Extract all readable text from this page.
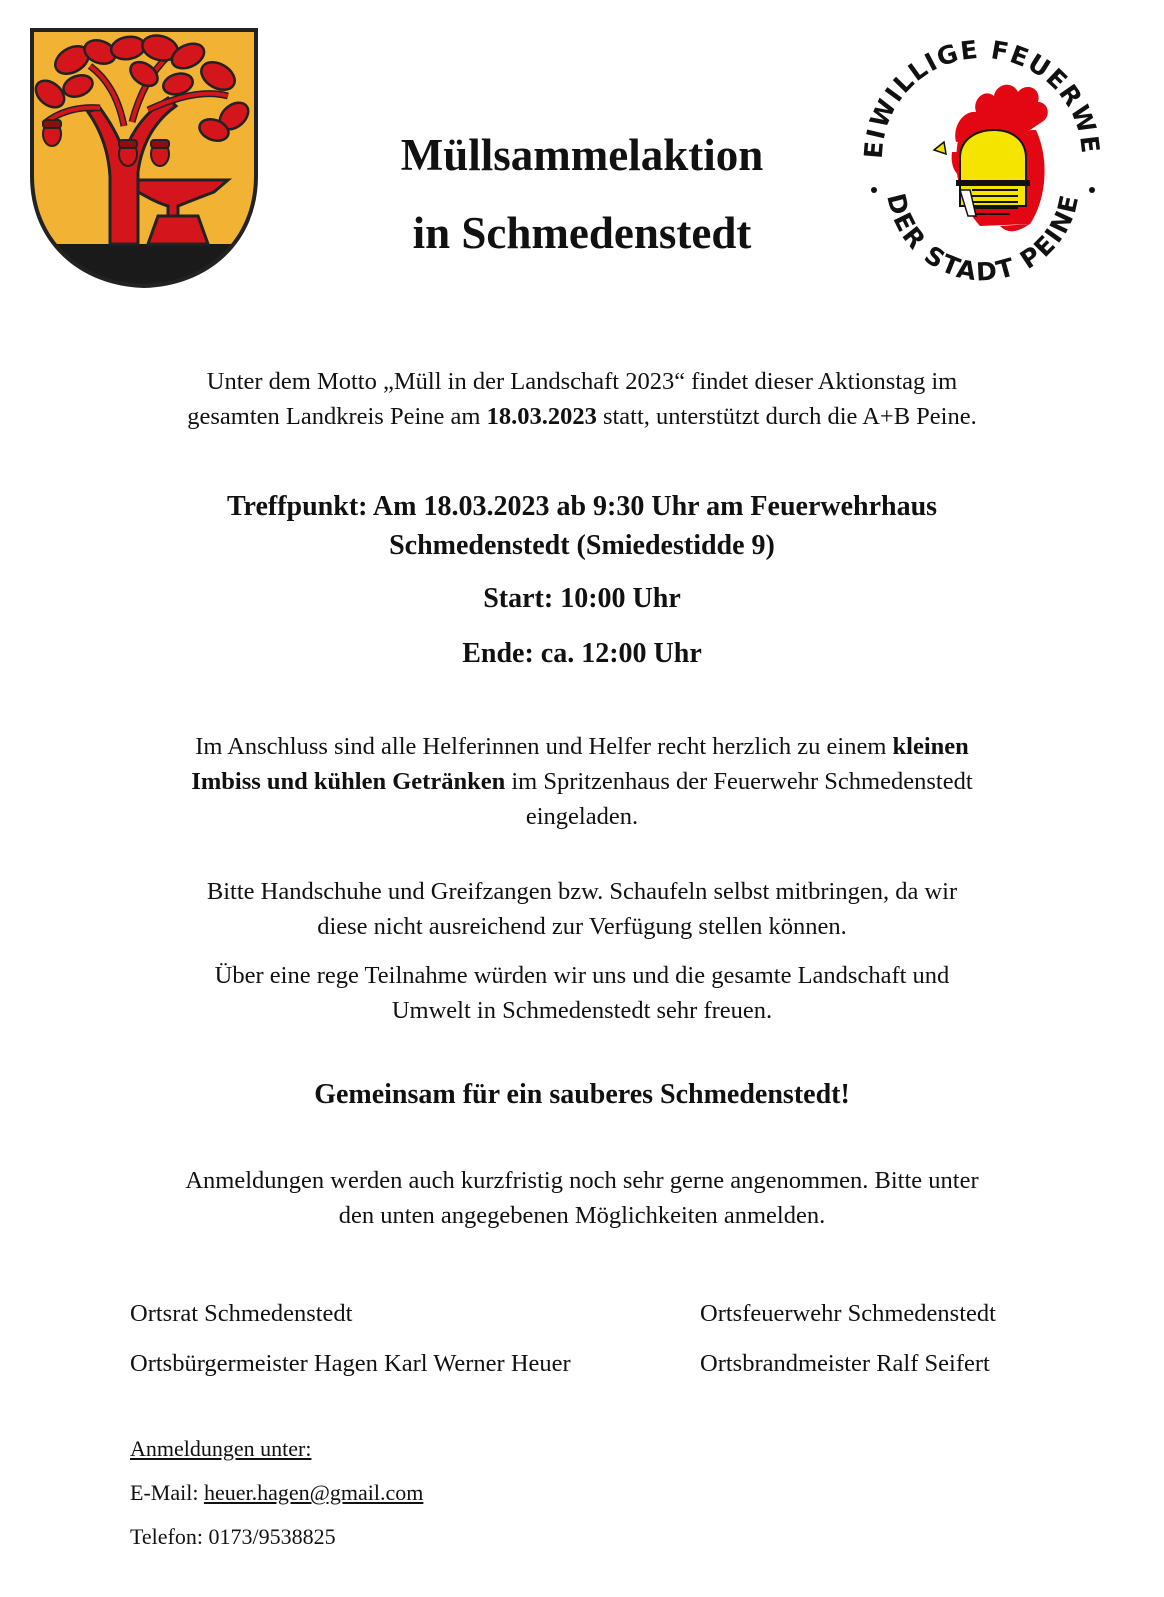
Müllsammelaktion
in Schmedenstedt
EIWILLIGE FEUERWE
DER STADT PEINE
Unter dem Motto „Müll in der Landschaft 2023“ findet dieser Aktionstag im
gesamten Landkreis Peine am 18.03.2023 statt, unterstützt durch die A+B Peine.
Treffpunkt: Am 18.03.2023 ab 9:30 Uhr am Feuerwehrhaus
Schmedenstedt (Smiedestidde 9)
Start: 10:00 Uhr
Ende: ca. 12:00 Uhr
Im Anschluss sind alle Helferinnen und Helfer recht herzlich zu einem kleinen
Imbiss und kühlen Getränken im Spritzenhaus der Feuerwehr Schmedenstedt
eingeladen.
Bitte Handschuhe und Greifzangen bzw. Schaufeln selbst mitbringen, da wir
diese nicht ausreichend zur Verfügung stellen können.
Über eine rege Teilnahme würden wir uns und die gesamte Landschaft und
Umwelt in Schmedenstedt sehr freuen.
Gemeinsam für ein sauberes Schmedenstedt!
Anmeldungen werden auch kurzfristig noch sehr gerne angenommen. Bitte unter
den unten angegebenen Möglichkeiten anmelden.
Ortsrat Schmedenstedt
Ortsbürgermeister Hagen Karl Werner Heuer
Ortsfeuerwehr Schmedenstedt
Ortsbrandmeister Ralf Seifert
Anmeldungen unter:
E-Mail: heuer.hagen@gmail.com
Telefon: 0173/9538825
